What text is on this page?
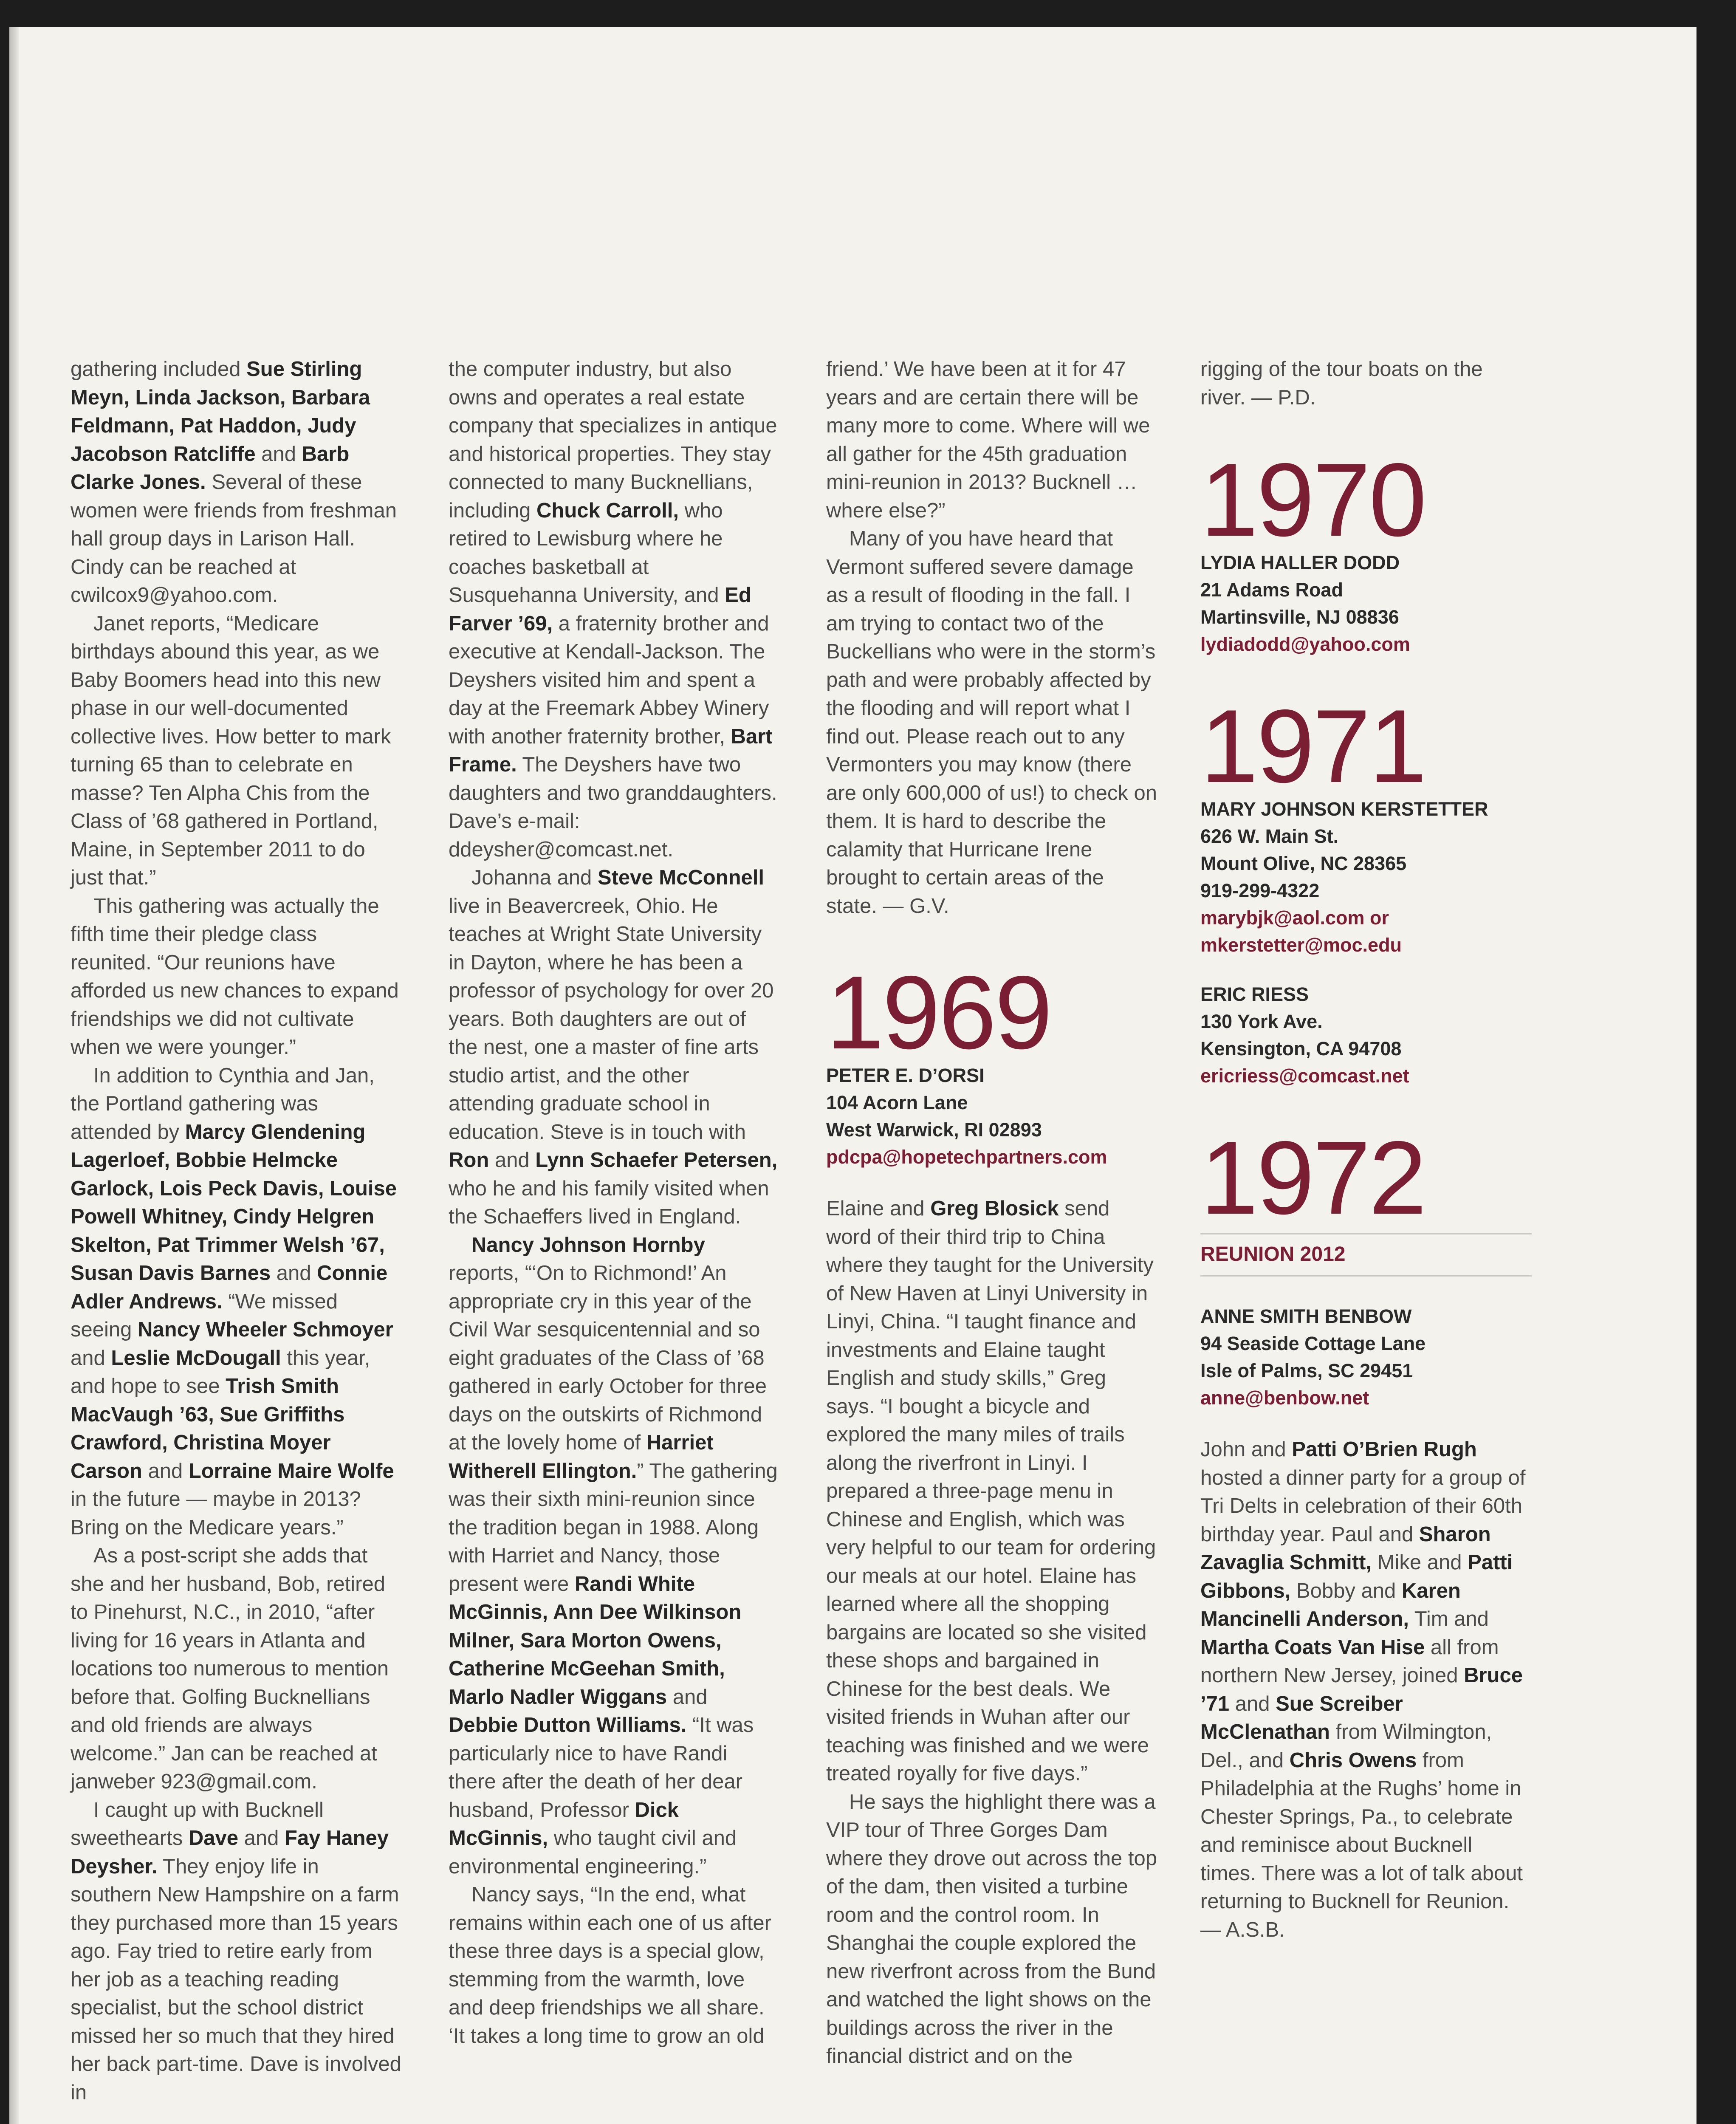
gathering included Sue Stirling Meyn, Linda Jackson, Barbara Feldmann, Pat Haddon, Judy Jacobson Ratcliffe and Barb Clarke Jones. Several of these women were friends from freshman hall group days in Larison Hall. Cindy can be reached at cwilcox9@yahoo.com.

Janet reports, “Medicare birthdays abound this year, as we Baby Boomers head into this new phase in our well-documented collective lives. How better to mark turning 65 than to celebrate en masse? Ten Alpha Chis from the Class of ’68 gathered in Portland, Maine, in September 2011 to do just that.”

This gathering was actually the fifth time their pledge class reunited. “Our reunions have afforded us new chances to expand friendships we did not cultivate when we were younger.”

In addition to Cynthia and Jan, the Portland gathering was attended by Marcy Glendening Lagerloef, Bobbie Helmcke Garlock, Lois Peck Davis, Louise Powell Whitney, Cindy Helgren Skelton, Pat Trimmer Welsh ’67, Susan Davis Barnes and Connie Adler Andrews. “We missed seeing Nancy Wheeler Schmoyer and Leslie McDougall this year, and hope to see Trish Smith MacVaugh ’63, Sue Griffiths Crawford, Christina Moyer Carson and Lorraine Maire Wolfe in the future — maybe in 2013? Bring on the Medicare years.”

As a post-script she adds that she and her husband, Bob, retired to Pinehurst, N.C., in 2010, “after living for 16 years in Atlanta and locations too numerous to mention before that. Golfing Bucknellians and old friends are always welcome.” Jan can be reached at janweber 923@gmail.com.

I caught up with Bucknell sweethearts Dave and Fay Haney Deysher. They enjoy life in southern New Hampshire on a farm they purchased more than 15 years ago. Fay tried to retire early from her job as a teaching reading specialist, but the school district missed her so much that they hired her back part-time. Dave is involved in

the computer industry, but also owns and operates a real estate company that specializes in antique and historical properties. They stay connected to many Bucknellians, including Chuck Carroll, who retired to Lewisburg where he coaches basketball at Susquehanna University, and Ed Farver ’69, a fraternity brother and executive at Kendall-Jackson. The Deyshers visited him and spent a day at the Freemark Abbey Winery with another fraternity brother, Bart Frame. The Deyshers have two daughters and two granddaughters. Dave’s e-mail: ddeysher@comcast.net.

Johanna and Steve McConnell live in Beavercreek, Ohio. He teaches at Wright State University in Dayton, where he has been a professor of psychology for over 20 years. Both daughters are out of the nest, one a master of fine arts studio artist, and the other attending graduate school in education. Steve is in touch with Ron and Lynn Schaefer Petersen, who he and his family visited when the Schaeffers lived in England.

Nancy Johnson Hornby reports, “‘On to Richmond!’ An appropriate cry in this year of the Civil War sesquicentennial and so eight graduates of the Class of ’68 gathered in early October for three days on the outskirts of Richmond at the lovely home of Harriet Witherell Ellington.” The gathering was their sixth mini-reunion since the tradition began in 1988. Along with Harriet and Nancy, those present were Randi White McGinnis, Ann Dee Wilkinson Milner, Sara Morton Owens, Catherine McGeehan Smith, Marlo Nadler Wiggans and Debbie Dutton Williams. “It was particularly nice to have Randi there after the death of her dear husband, Professor Dick McGinnis, who taught civil and environmental engineering.”

Nancy says, “In the end, what remains within each one of us after these three days is a special glow, stemming from the warmth, love and deep friendships we all share. ‘It takes a long time to grow an old

friend.’ We have been at it for 47 years and are certain there will be many more to come. Where will we all gather for the 45th graduation mini-reunion in 2013? Bucknell … where else?”

Many of you have heard that Vermont suffered severe damage as a result of flooding in the fall. I am trying to contact two of the Buckellians who were in the storm’s path and were probably affected by the flooding and will report what I find out. Please reach out to any Vermonters you may know (there are only 600,000 of us!) to check on them. It is hard to describe the calamity that Hurricane Irene brought to certain areas of the state. — G.V.

1969
PETER E. D’ORSI
104 Acorn Lane
West Warwick, RI 02893
pdcpa@hopetechpartners.com

Elaine and Greg Blosick send word of their third trip to China where they taught for the University of New Haven at Linyi University in Linyi, China. “I taught finance and investments and Elaine taught English and study skills,” Greg says. “I bought a bicycle and explored the many miles of trails along the riverfront in Linyi. I prepared a three-page menu in Chinese and English, which was very helpful to our team for ordering our meals at our hotel. Elaine has learned where all the shopping bargains are located so she visited these shops and bargained in Chinese for the best deals. We visited friends in Wuhan after our teaching was finished and we were treated royally for five days.”

He says the highlight there was a VIP tour of Three Gorges Dam where they drove out across the top of the dam, then visited a turbine room and the control room. In Shanghai the couple explored the new riverfront across from the Bund and watched the light shows on the buildings across the river in the financial district and on the

rigging of the tour boats on the river. — P.D.

1970
LYDIA HALLER DODD
21 Adams Road
Martinsville, NJ 08836
lydiadodd@yahoo.com
1971
MARY JOHNSON KERSTETTER
626 W. Main St.
Mount Olive, NC 28365
919-299-4322
marybjk@aol.com or
mkerstetter@moc.edu
ERIC RIESS
130 York Ave.
Kensington, CA 94708
ericriess@comcast.net
1972
REUNION 2012
ANNE SMITH BENBOW
94 Seaside Cottage Lane
Isle of Palms, SC 29451
anne@benbow.net

John and Patti O’Brien Rugh hosted a dinner party for a group of Tri Delts in celebration of their 60th birthday year. Paul and Sharon Zavaglia Schmitt, Mike and Patti Gibbons, Bobby and Karen Mancinelli Anderson, Tim and Martha Coats Van Hise all from northern New Jersey, joined Bruce ’71 and Sue Screiber McClenathan from Wilmington, Del., and Chris Owens from Philadelphia at the Rughs’ home in Chester Springs, Pa., to celebrate and reminisce about Bucknell times. There was a lot of talk about returning to Bucknell for Reunion. — A.S.B.
